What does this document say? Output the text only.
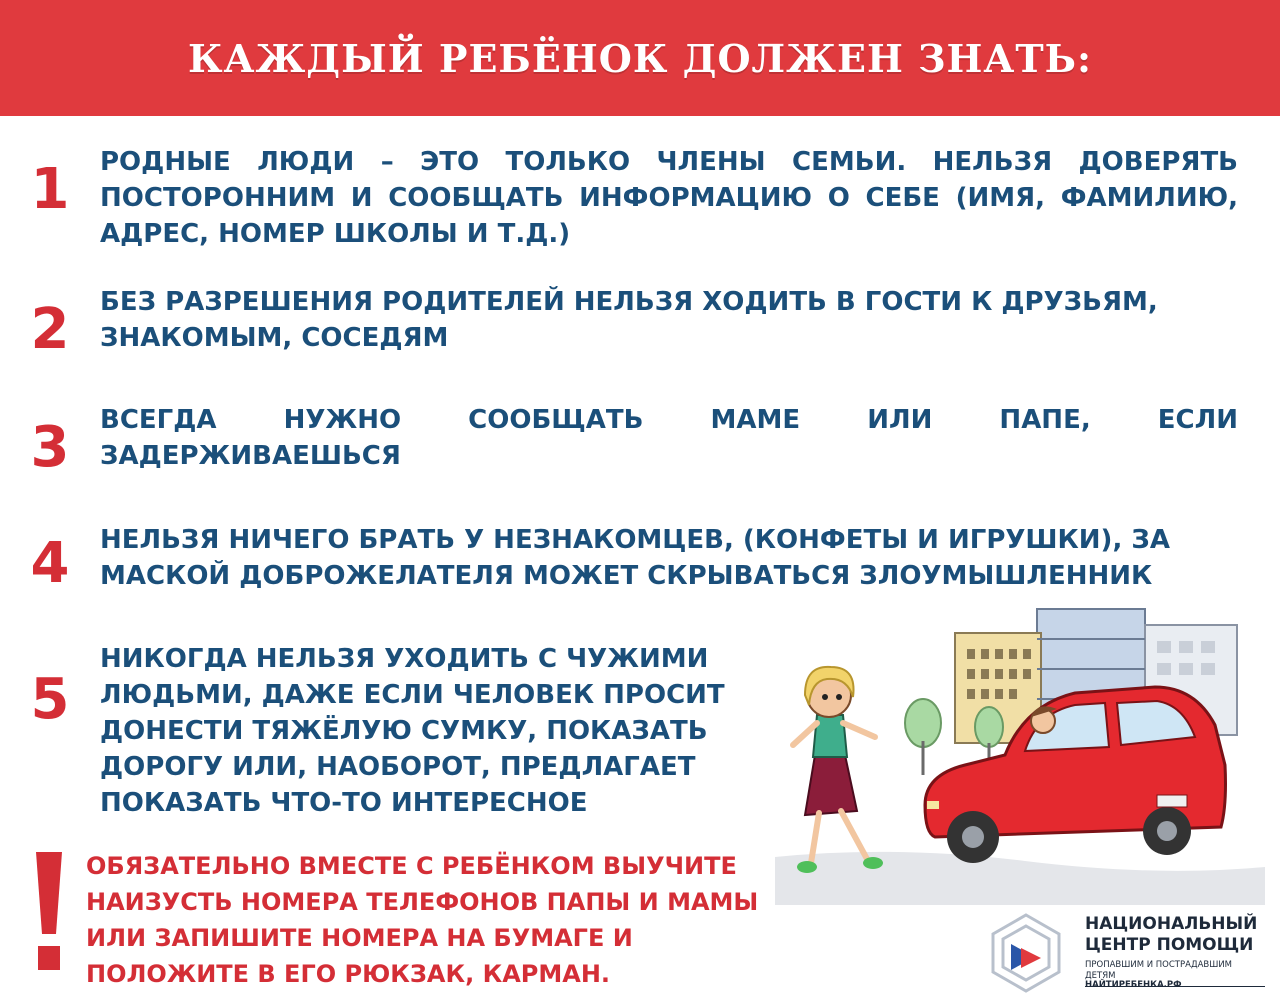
КАЖДЫЙ РЕБЁНОК ДОЛЖЕН ЗНАТЬ:
1 РОДНЫЕ ЛЮДИ – ЭТО ТОЛЬКО ЧЛЕНЫ СЕМЬИ. НЕЛЬЗЯ ДОВЕРЯТЬ ПОСТОРОННИМ И СООБЩАТЬ ИНФОРМАЦИЮ О СЕБЕ (ИМЯ, ФАМИЛИЮ, АДРЕС, НОМЕР ШКОЛЫ И Т.Д.)

2 БЕЗ РАЗРЕШЕНИЯ РОДИТЕЛЕЙ НЕЛЬЗЯ ХОДИТЬ В ГОСТИ К ДРУЗЬЯМ, ЗНАКОМЫМ, СОСЕДЯМ

3 ВСЕГДА НУЖНО СООБЩАТЬ МАМЕ ИЛИ ПАПЕ, ЕСЛИ ЗАДЕРЖИВАЕШЬСЯ

4 НЕЛЬЗЯ НИЧЕГО БРАТЬ У НЕЗНАКОМЦЕВ, (КОНФЕТЫ И ИГРУШКИ), ЗА МАСКОЙ ДОБРОЖЕЛАТЕЛЯ МОЖЕТ СКРЫВАТЬСЯ ЗЛОУМЫШЛЕННИК

5

НИКОГДА НЕЛЬЗЯ УХОДИТЬ С ЧУЖИМИ ЛЮДЬМИ, ДАЖЕ ЕСЛИ ЧЕЛОВЕК ПРОСИТ ДОНЕСТИ ТЯЖЁЛУЮ СУМКУ, ПОКАЗАТЬ ДОРОГУ ИЛИ, НАОБОРОТ, ПРЕДЛАГАЕТ ПОКАЗАТЬ ЧТО-ТО ИНТЕРЕСНОЕ

ОБЯЗАТЕЛЬНО ВМЕСТЕ С РЕБЁНКОМ ВЫУЧИТЕ НАИЗУСТЬ НОМЕРА ТЕЛЕФОНОВ ПАПЫ И МАМЫ ИЛИ ЗАПИШИТЕ НОМЕРА НА БУМАГЕ И ПОЛОЖИТЕ В ЕГО РЮКЗАК, КАРМАН.

НАЦИОНАЛЬНЫЙ ЦЕНТР ПОМОЩИ

ПРОПАВШИМ И ПОСТРАДАВШИМ ДЕТЯМ
НАЙТИРЕБЕНКА.РФ
